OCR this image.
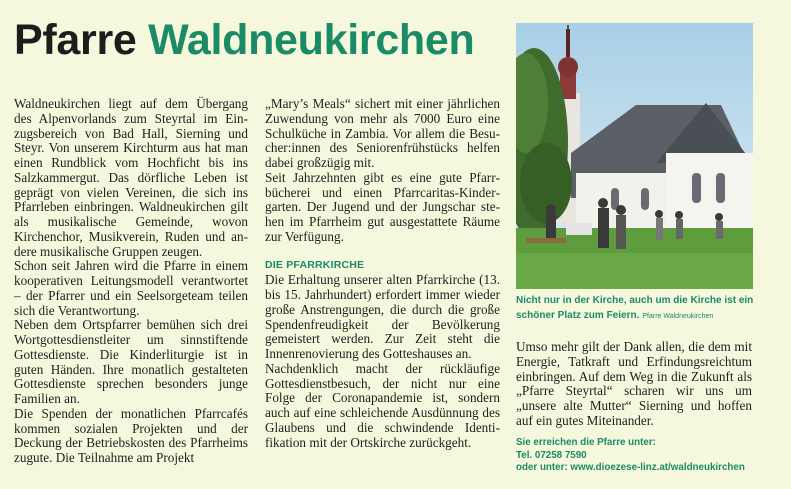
Pfarre Waldneukirchen

Waldneukirchen liegt auf dem Übergang des Alpenvorlands zum Steyrtal im Einzugsbereich von Bad Hall, Sierning und Steyr. Von unserem Kirchturm aus hat man einen Rundblick vom Hochficht bis ins Salzkammergut. Das dörfliche Leben ist geprägt von vielen Vereinen, die sich ins Pfarrleben einbringen. Waldneukirchen gilt als musikalische Gemeinde, wovon Kirchenchor, Musikverein, Ruden und andere musikalische Gruppen zeugen.

Schon seit Jahren wird die Pfarre in einem kooperativen Leitungsmodell verantwortet – der Pfarrer und ein Seelsorgeteam teilen sich die Verantwortung.

Neben dem Ortspfarrer bemühen sich drei Wortgottesdienstleiter um sinnstiftende Gottesdienste. Die Kinderliturgie ist in guten Händen. Ihre monatlich gestalteten Gottesdienste sprechen besonders junge Familien an.

Die Spenden der monatlichen Pfarrcafés kommen sozialen Projekten und der Deckung der Betriebskosten des Pfarrheims zugute. Die Teilnahme am Projekt

„Mary’s Meals“ sichert mit einer jährlichen Zuwendung von mehr als 7000 Euro eine Schulküche in Zambia. Vor allem die Besucher:innen des Seniorenfrühstücks helfen dabei großzügig mit.

Seit Jahrzehnten gibt es eine gute Pfarrbücherei und einen Pfarrcaritas-Kindergarten. Der Jugend und der Jungschar stehen im Pfarrheim gut ausgestattete Räume zur Verfügung.

DIE PFARRKIRCHE

Die Erhaltung unserer alten Pfarrkirche (13. bis 15. Jahrhundert) erfordert immer wieder große Anstrengungen, die durch die große Spendenfreudigkeit der Bevölkerung gemeistert werden. Zur Zeit steht die Innenrenovierung des Gotteshauses an.

Nachdenklich macht der rückläufige Gottesdienstbesuch, der nicht nur eine Folge der Coronapandemie ist, sondern auch auf eine schleichende Ausdünnung des Glaubens und die schwindende Identifikation mit der Ortskirche zurückgeht.

Nicht nur in der Kirche, auch um die Kirche ist ein schöner Platz zum Feiern. Pfarre Waldneukirchen

Umso mehr gilt der Dank allen, die dem mit Energie, Tatkraft und Erfindungsreichtum einbringen. Auf dem Weg in die Zukunft als „Pfarre Steyrtal“ scharen wir uns um „unsere alte Mutter“ Sierning und hoffen auf ein gutes Miteinander.

Sie erreichen die Pfarre unter:
Tel. 07258 7590
oder unter: www.dioezese-linz.at/waldneukirchen
